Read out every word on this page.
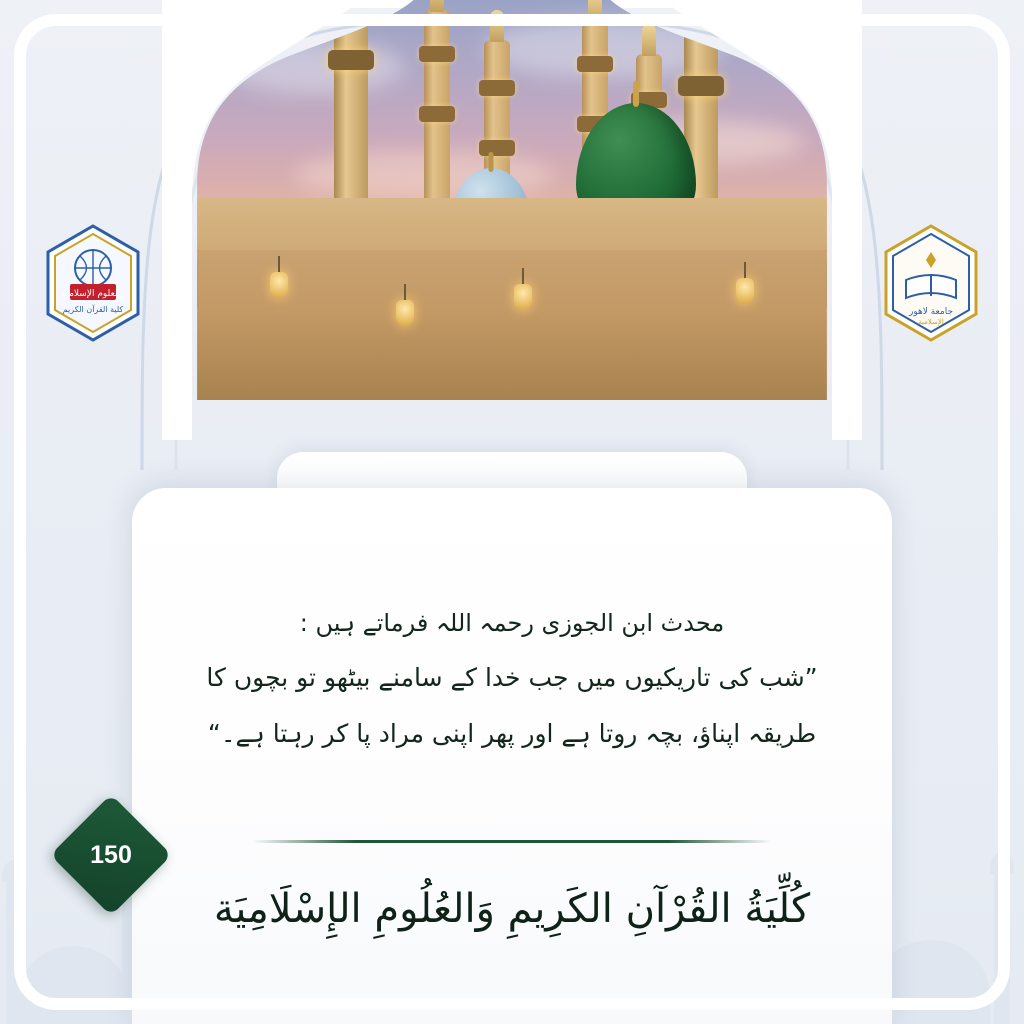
والعلوم الإسلامية
كلية القرآن الكريم	جامعة لاهور
الإسلامية
محدث ابن الجوزی رحمہ اللہ فرماتے ہیں :
”شب کی تاریکیوں میں جب خدا کے سامنے بیٹھو تو بچوں کا
طریقہ اپناؤ، بچہ روتا ہے اور پھر اپنی مراد پا کر رہتا ہے۔“
كُلِّيَةُ القُرْآنِ الكَرِيمِ وَالعُلُومِ الإِسْلَامِيَة
150
